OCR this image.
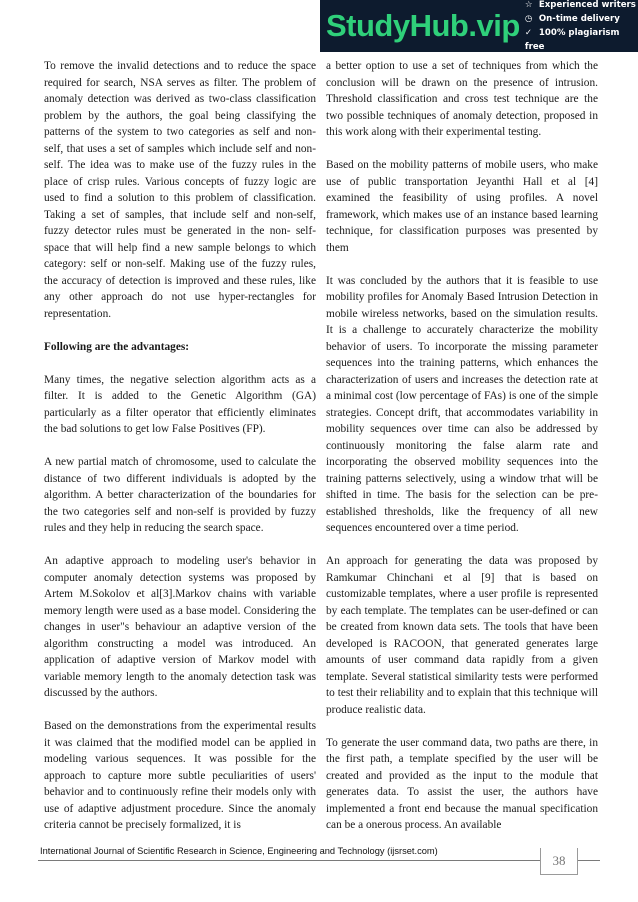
StudyHub.vip
☆ Experienced writers
◷ On-time delivery
✓ 100% plagiarism free

To remove the invalid detections and to reduce the space required for search, NSA serves as filter. The problem of anomaly detection was derived as two-class classification problem by the authors, the goal being classifying the patterns of the system to two categories as self and non-self, that uses a set of samples which include self and non-self. The idea was to make use of the fuzzy rules in the place of crisp rules. Various concepts of fuzzy logic are used to find a solution to this problem of classification. Taking a set of samples, that include self and non-self, fuzzy detector rules must be generated in the non- self-space that will help find a new sample belongs to which category: self or non-self. Making use of the fuzzy rules, the accuracy of detection is improved and these rules, like any other approach do not use hyper-rectangles for representation.

Following are the advantages:

Many times, the negative selection algorithm acts as a filter. It is added to the Genetic Algorithm (GA) particularly as a filter operator that efficiently eliminates the bad solutions to get low False Positives (FP).

A new partial match of chromosome, used to calculate the distance of two different individuals is adopted by the algorithm. A better characterization of the boundaries for the two categories self and non-self is provided by fuzzy rules and they help in reducing the search space.

An adaptive approach to modeling user's behavior in computer anomaly detection systems was proposed by Artem M.Sokolov et al[3].Markov chains with variable memory length were used as a base model. Considering the changes in user"s behaviour an adaptive version of the algorithm constructing a model was introduced. An application of adaptive version of Markov model with variable memory length to the anomaly detection task was discussed by the authors.

Based on the demonstrations from the experimental results it was claimed that the modified model can be applied in modeling various sequences. It was possible for the approach to capture more subtle peculiarities of users' behavior and to continuously refine their models only with use of adaptive adjustment procedure. Since the anomaly criteria cannot be precisely formalized, it is

a better option to use a set of techniques from which the conclusion will be drawn on the presence of intrusion. Threshold classification and cross test technique are the two possible techniques of anomaly detection, proposed in this work along with their experimental testing.

Based on the mobility patterns of mobile users, who make use of public transportation Jeyanthi Hall et al [4] examined the feasibility of using profiles. A novel framework, which makes use of an instance based learning technique, for classification purposes was presented by them

It was concluded by the authors that it is feasible to use mobility profiles for Anomaly Based Intrusion Detection in mobile wireless networks, based on the simulation results. It is a challenge to accurately characterize the mobility behavior of users. To incorporate the missing parameter sequences into the training patterns, which enhances the characterization of users and increases the detection rate at a minimal cost (low percentage of FAs) is one of the simple strategies. Concept drift, that accommodates variability in mobility sequences over time can also be addressed by continuously monitoring the false alarm rate and incorporating the observed mobility sequences into the training patterns selectively, using a window trhat will be shifted in time. The basis for the selection can be pre-established thresholds, like the frequency of all new sequences encountered over a time period.

An approach for generating the data was proposed by Ramkumar Chinchani et al [9] that is based on customizable templates, where a user profile is represented by each template. The templates can be user-defined or can be created from known data sets. The tools that have been developed is RACOON, that generated generates large amounts of user command data rapidly from a given template. Several statistical similarity tests were performed to test their reliability and to explain that this technique will produce realistic data.

To generate the user command data, two paths are there, in the first path, a template specified by the user will be created and provided as the input to the module that generates data. To assist the user, the authors have implemented a front end because the manual specification can be a onerous process. An available

International Journal of Scientific Research in Science, Engineering and Technology (ijsrset.com)
38
